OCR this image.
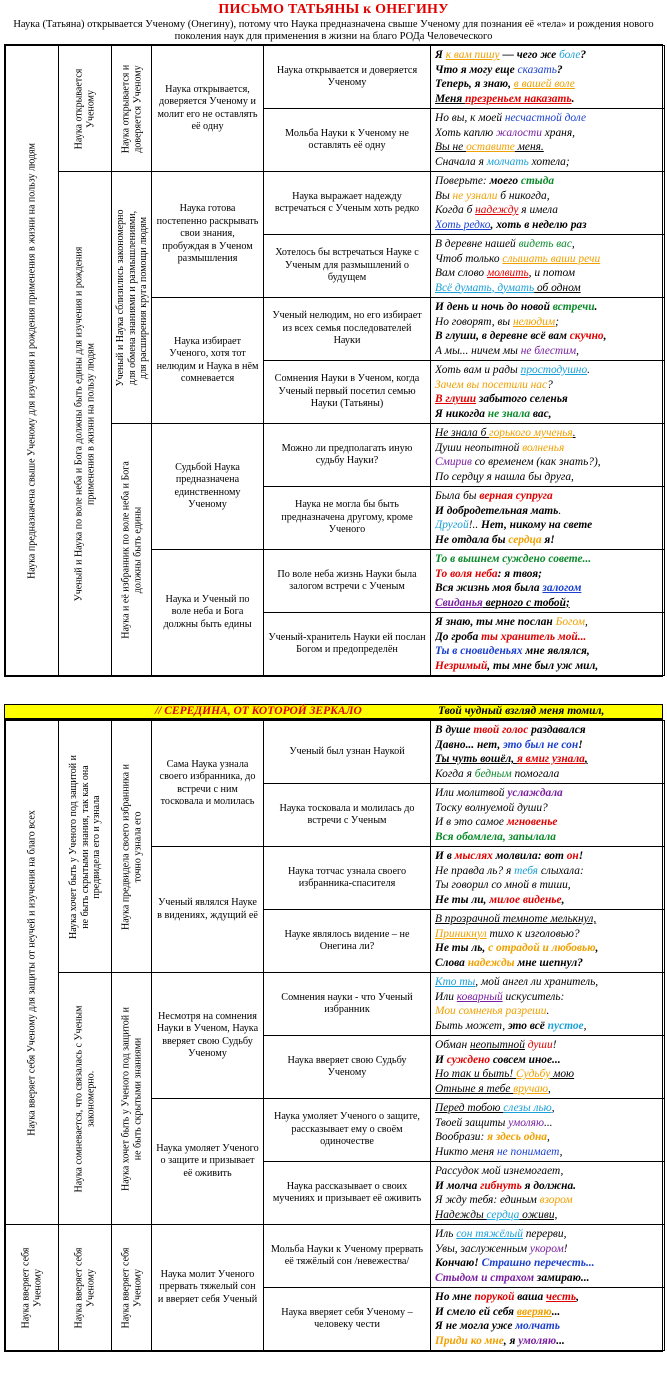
ПИСЬМО ТАТЬЯНЫ к ОНЕГИНУ
Наука (Татьяна) открывается Ученому (Онегину), потому что Наука предназначена свыше Ученому для познания её «тела» и рождения нового поколения наук для применения в жизни на благо РОДа Человеческого
Наука предназначена свыше Ученому для изучения и рождения применения в жизни на пользу людям	Наука открывается Ученому	Наука открывается и доверяется Ученому	Наука открывается, доверяется Ученому и молит его не оставлять её одну	Наука открывается и доверяется Ученому	Я к вам пишу — чего же боле?
Что я могу еще сказать?
Теперь, я знаю, в вашей воле
Меня презреньем наказать.

				Мольба Науки к Ученому не оставлять её одну	Но вы, к моей несчастной доле
Хоть каплю жалости храня,
Вы не оставите меня.
Сначала я молчать хотела;

	Ученый и Наука по воле неба и Бога должны быть едины для изучения и рождения применения в жизни на пользу людям	Ученый и Наука сблизились закономерно для обмена знаниями и размышлениями, для расширения круга помощи людям	Наука готова постепенно раскрывать свои знания, пробуждая в Ученом размышления	Наука выражает надежду встречаться с Ученым хоть редко	Поверьте: моего стыда
Вы не узнали б никогда,
Когда б надежду я имела
Хоть редко, хоть в неделю раз

				Хотелось бы встречаться Науке с Ученым для размышлений о будущем	В деревне нашей видеть вас,
Чтоб только слышать ваши речи
Вам слово молвить, и потом
Всё думать, думать об одном

			Наука избирает Ученого, хотя тот нелюдим и Наука в нём сомневается	Ученый нелюдим, но его избирает из всех семья последователей Науки	И день и ночь до новой встречи.
Но говорят, вы нелюдим;
В глуши, в деревне всё вам скучно,
А мы... ничем мы не блестим,

				Сомнения Науки в Ученом, когда Ученый первый посетил семью Науки (Татьяны)	Хоть вам и рады простодушно.
Зачем вы посетили нас?
В глуши забытого селенья
Я никогда не знала вас,

		Наука и её избранник по воле неба и Бога должны быть едины	Судьбой Наука предназначена единственному Ученому	Можно ли предполагать иную судьбу Науки?	Не знала б горького мученья.
Души неопытной волненья
Смирив со временем (как знать?),
По сердцу я нашла бы друга,

				Наука не могла бы быть предназначена другому, кроме Ученого	Была бы верная супруга
И добродетельная мать.
Другой!.. Нет, никому на свете
Не отдала бы сердца я!

			Наука и Ученый по воле неба и Бога должны быть едины	По воле неба жизнь Науки была залогом встречи с Ученым	То в вышнем суждено совете...
То воля неба: я твоя;
Вся жизнь моя была залогом
Свиданья верного с тобой;

				Ученый-хранитель Науки ей послан Богом и предопределён	Я знаю, ты мне послан Богом,
До гроба ты хранитель мой...
Ты в сновиденьях мне являлся,
Незримый, ты мне был уж мил,
// СЕРЕДИНА, ОТ КОТОРОЙ ЗЕРКАЛО	Твой чудный взгляд меня томил,
Наука вверяет себя Ученому для защиты от неучей и изучения на благо всех	Наука хочет быть у Ученого под защитой и не быть скрытыми знания, так как она предвидела его и узнала	Наука предвидела своего избранника и точно узнала его	Сама Наука узнала своего избранника, до встречи с ним тосковала и молилась	Ученый был узнан Наукой	В душе твой голос раздавался
Давно... нет, это был не сон!
Ты чуть вошёл, я вмиг узнала,
Когда я бедным помогала

				Наука тосковала и молилась до встречи с Ученым	Или молитвой услаждала
Тоску волнуемой души?
И в это самое мгновенье
Вся обомлела, запылала

			Ученый являлся Науке в видениях, ждущий её	Наука тотчас узнала своего избранника-спасителя	И в мыслях молвила: вот он!
Не правда ль? я тебя слыхала:
Ты говорил со мной в тиши,
Не ты ли, милое виденье,

				Науке являлось видение – не Онегина ли?	В прозрачной темноте мелькнул,
Приникнул тихо к изголовью?
Не ты ль, с отрадой и любовью,
Слова надежды мне шепнул?

	Наука сомневается, что связалась с Ученым закономерно.	Наука хочет быть у Ученого под защитой и не быть скрытыми знаниями	Несмотря на сомнения Науки в Ученом, Наука вверяет свою Судьбу Ученому	Сомнения науки - что Ученый избранник	Кто ты, мой ангел ли хранитель,
Или коварный искуситель:
Мои сомненья разреши.
Быть может, это всё пустое,

				Наука вверяет свою Судьбу Ученому	Обман неопытной души!
И суждено совсем иное...
Но так и быть! Судьбу мою
Отныне я тебе вручаю,

			Наука умоляет Ученого о защите и призывает её оживить	Наука умоляет Ученого о защите, рассказывает ему о своём одиночестве	Перед тобою слезы лью,
Твоей защиты умоляю...
Вообрази: я здесь одна,
Никто меня не понимает,

				Наука рассказывает о своих мучениях и призывает её оживить	Рассудок мой изнемогает,
И молча гибнуть я должна.
Я жду тебя: единым взором
Надежды сердца оживи,

Наука вверяет себя Ученому	Наука вверяет себя Ученому	Наука вверяет себя Ученому	Наука молит Ученого прервать тяжелый сон и вверяет себя Ученый	Мольба Науки к Ученому прервать её тяжёлый сон /невежества/	Иль сон тяжёлый перерви,
Увы, заслуженным укором!
Кончаю! Страшно перечесть...
Стыдом и страхом замираю...

				Наука вверяет себя Ученому – человеку чести	Но мне порукой ваша честь,
И смело ей себя вверяю...
Я не могла уже молчать
Приди ко мне, я умоляю...
